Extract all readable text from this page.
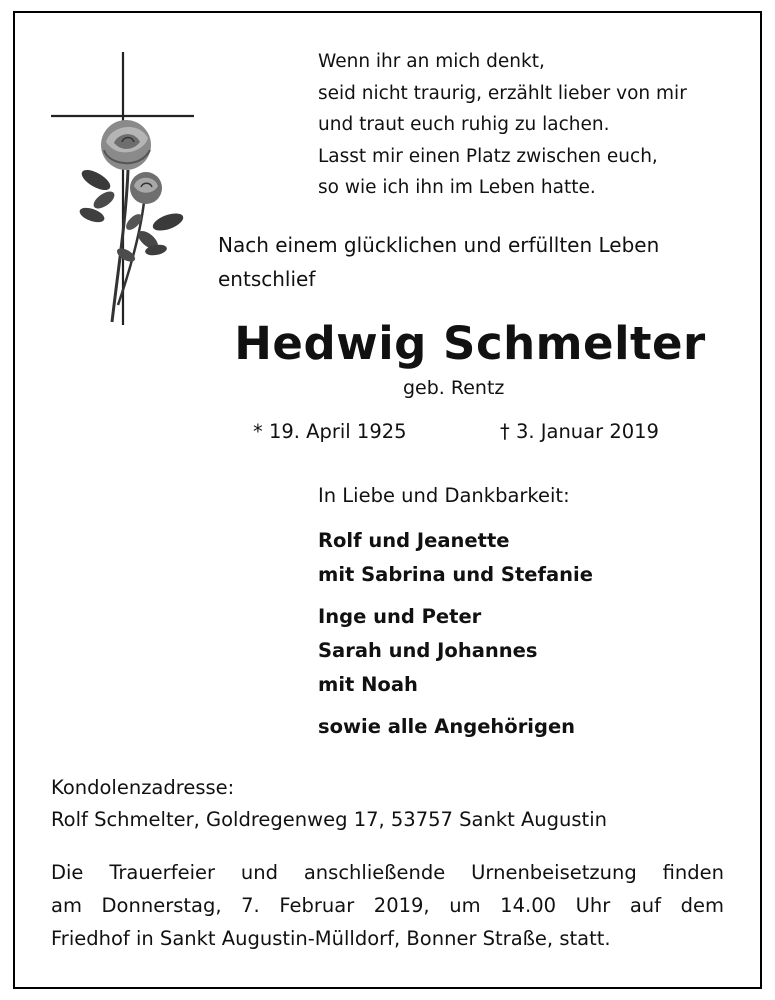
Wenn ihr an mich denkt,
seid nicht traurig, erzählt lieber von mir
und traut euch ruhig zu lachen.
Lasst mir einen Platz zwischen euch,
so wie ich ihn im Leben hatte.
Nach einem glücklichen und erfüllten Leben
entschlief
Hedwig Schmelter
geb. Rentz
* 19. April 1925	† 3. Januar 2019
In Liebe und Dankbarkeit:
Rolf und Jeanette
mit Sabrina und Stefanie
Inge und Peter
Sarah und Johannes
mit Noah
sowie alle Angehörigen
Kondolenzadresse:
Rolf Schmelter, Goldregenweg 17, 53757 Sankt Augustin
Die Trauerfeier und anschließende Urnenbeisetzung finden
am Donnerstag, 7. Februar 2019, um 14.00 Uhr auf dem
Friedhof in Sankt Augustin-Mülldorf, Bonner Straße, statt.
